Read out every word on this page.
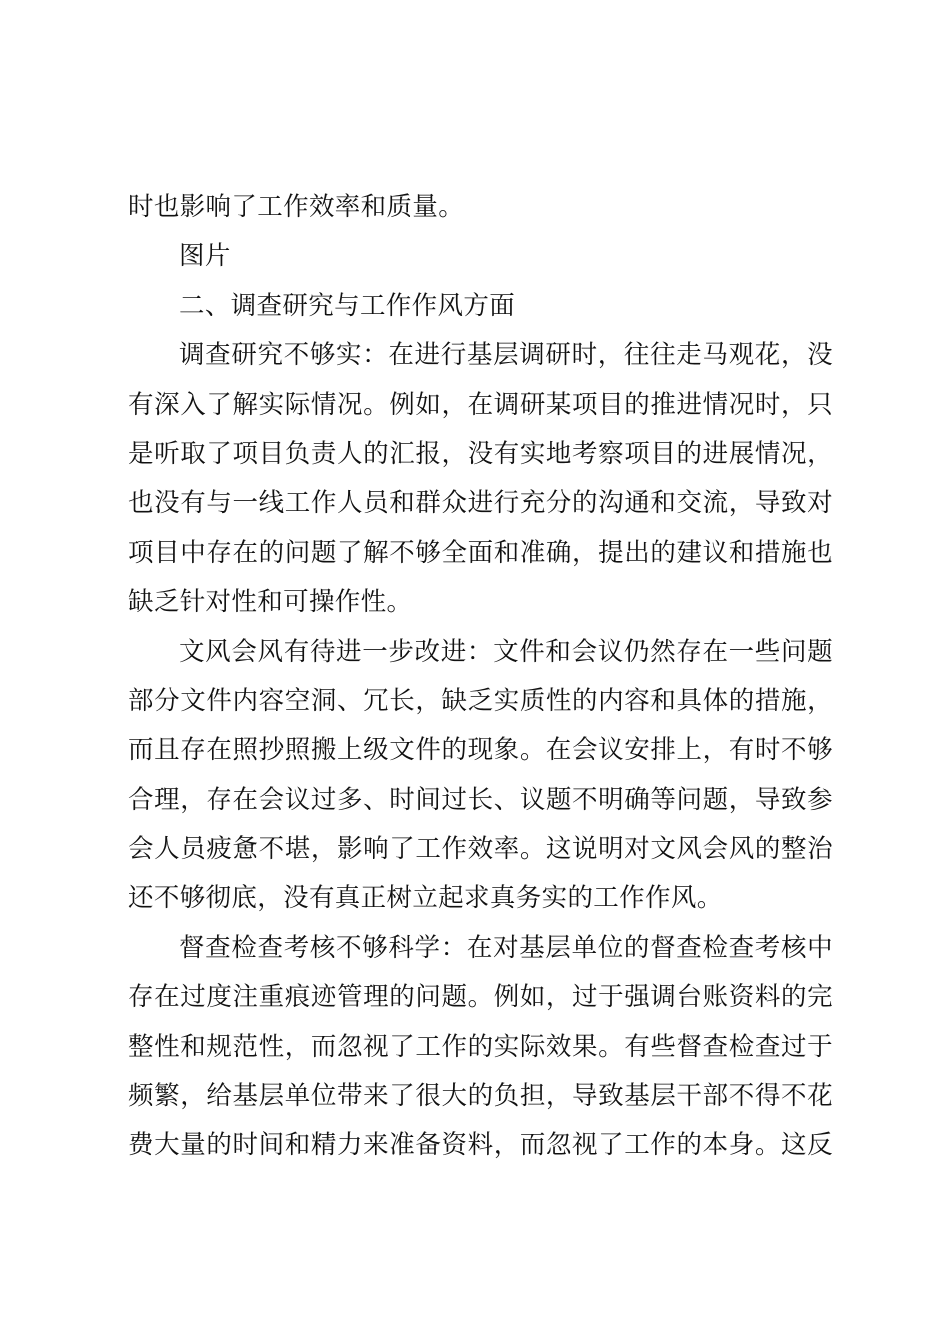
时也影响了工作效率和质量。
图片
二、调查研究与工作作风方面
调查研究不够实：在进行基层调研时，往往走马观花，没
有深入了解实际情况。例如，在调研某项目的推进情况时，只
是听取了项目负责人的汇报，没有实地考察项目的进展情况，
也没有与一线工作人员和群众进行充分的沟通和交流，导致对
项目中存在的问题了解不够全面和准确，提出的建议和措施也
缺乏针对性和可操作性。
文风会风有待进一步改进：文件和会议仍然存在一些问题
部分文件内容空洞、冗长，缺乏实质性的内容和具体的措施，
而且存在照抄照搬上级文件的现象。在会议安排上，有时不够
合理，存在会议过多、时间过长、议题不明确等问题，导致参
会人员疲惫不堪，影响了工作效率。这说明对文风会风的整治
还不够彻底，没有真正树立起求真务实的工作作风。
督查检查考核不够科学：在对基层单位的督查检查考核中
存在过度注重痕迹管理的问题。例如，过于强调台账资料的完
整性和规范性，而忽视了工作的实际效果。有些督查检查过于
频繁，给基层单位带来了很大的负担，导致基层干部不得不花
费大量的时间和精力来准备资料，而忽视了工作的本身。这反
